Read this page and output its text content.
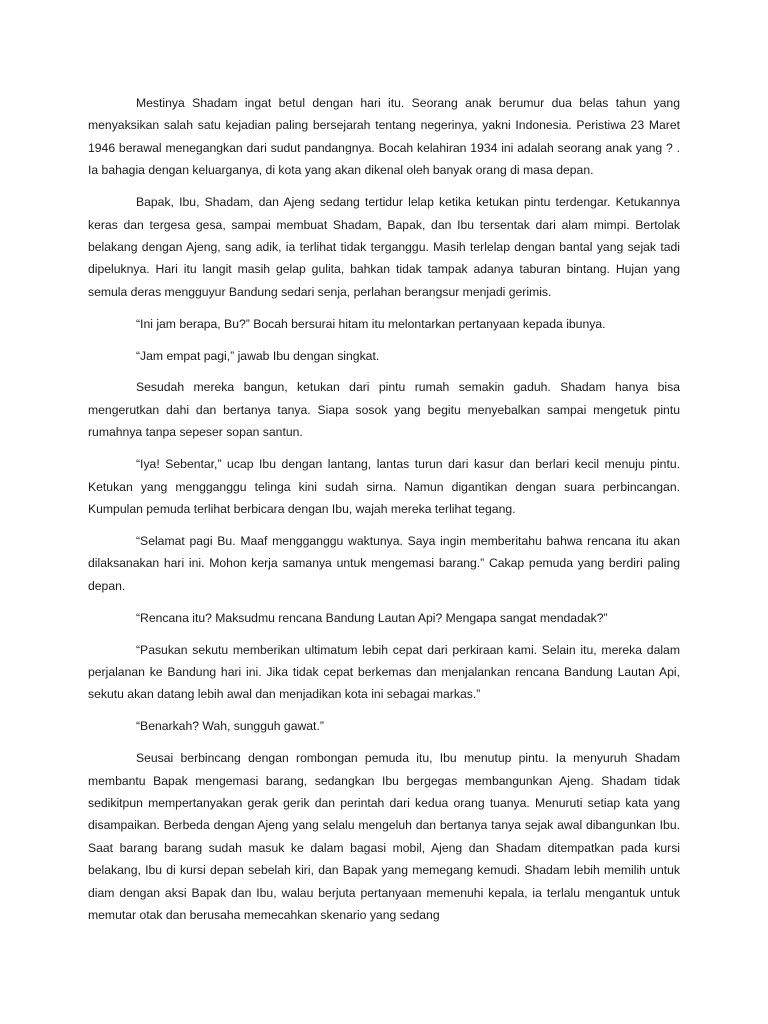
Mestinya Shadam ingat betul dengan hari itu. Seorang anak berumur dua belas tahun yang menyaksikan salah satu kejadian paling bersejarah tentang negerinya, yakni Indonesia. Peristiwa 23 Maret 1946 berawal menegangkan dari sudut pandangnya. Bocah kelahiran 1934 ini adalah seorang anak yang ? . Ia bahagia dengan keluarganya, di kota yang akan dikenal oleh banyak orang di masa depan.

Bapak, Ibu, Shadam, dan Ajeng sedang tertidur lelap ketika ketukan pintu terdengar. Ketukannya keras dan tergesa gesa, sampai membuat Shadam, Bapak, dan Ibu tersentak dari alam mimpi. Bertolak belakang dengan Ajeng, sang adik, ia terlihat tidak terganggu. Masih terlelap dengan bantal yang sejak tadi dipeluknya. Hari itu langit masih gelap gulita, bahkan tidak tampak adanya taburan bintang. Hujan yang semula deras mengguyur Bandung sedari senja, perlahan berangsur menjadi gerimis.

“Ini jam berapa, Bu?” Bocah bersurai hitam itu melontarkan pertanyaan kepada ibunya.

“Jam empat pagi,” jawab Ibu dengan singkat.

Sesudah mereka bangun, ketukan dari pintu rumah semakin gaduh. Shadam hanya bisa mengerutkan dahi dan bertanya tanya. Siapa sosok yang begitu menyebalkan sampai mengetuk pintu rumahnya tanpa sepeser sopan santun.

“Iya! Sebentar,” ucap Ibu dengan lantang, lantas turun dari kasur dan berlari kecil menuju pintu. Ketukan yang mengganggu telinga kini sudah sirna. Namun digantikan dengan suara perbincangan. Kumpulan pemuda terlihat berbicara dengan Ibu, wajah mereka terlihat tegang.

“Selamat pagi Bu. Maaf mengganggu waktunya. Saya ingin memberitahu bahwa rencana itu akan dilaksanakan hari ini. Mohon kerja samanya untuk mengemasi barang.” Cakap pemuda yang berdiri paling depan.

“Rencana itu? Maksudmu rencana Bandung Lautan Api? Mengapa sangat mendadak?”

“Pasukan sekutu memberikan ultimatum lebih cepat dari perkiraan kami. Selain itu, mereka dalam perjalanan ke Bandung hari ini. Jika tidak cepat berkemas dan menjalankan rencana Bandung Lautan Api, sekutu akan datang lebih awal dan menjadikan kota ini sebagai markas.”

“Benarkah? Wah, sungguh gawat.”

Seusai berbincang dengan rombongan pemuda itu, Ibu menutup pintu. Ia menyuruh Shadam membantu Bapak mengemasi barang, sedangkan Ibu bergegas membangunkan Ajeng. Shadam tidak sedikitpun mempertanyakan gerak gerik dan perintah dari kedua orang tuanya. Menuruti setiap kata yang disampaikan. Berbeda dengan Ajeng yang selalu mengeluh dan bertanya tanya sejak awal dibangunkan Ibu. Saat barang barang sudah masuk ke dalam bagasi mobil, Ajeng dan Shadam ditempatkan pada kursi belakang, Ibu di kursi depan sebelah kiri, dan Bapak yang memegang kemudi. Shadam lebih memilih untuk diam dengan aksi Bapak dan Ibu, walau berjuta pertanyaan memenuhi kepala, ia terlalu mengantuk untuk memutar otak dan berusaha memecahkan skenario yang sedang
